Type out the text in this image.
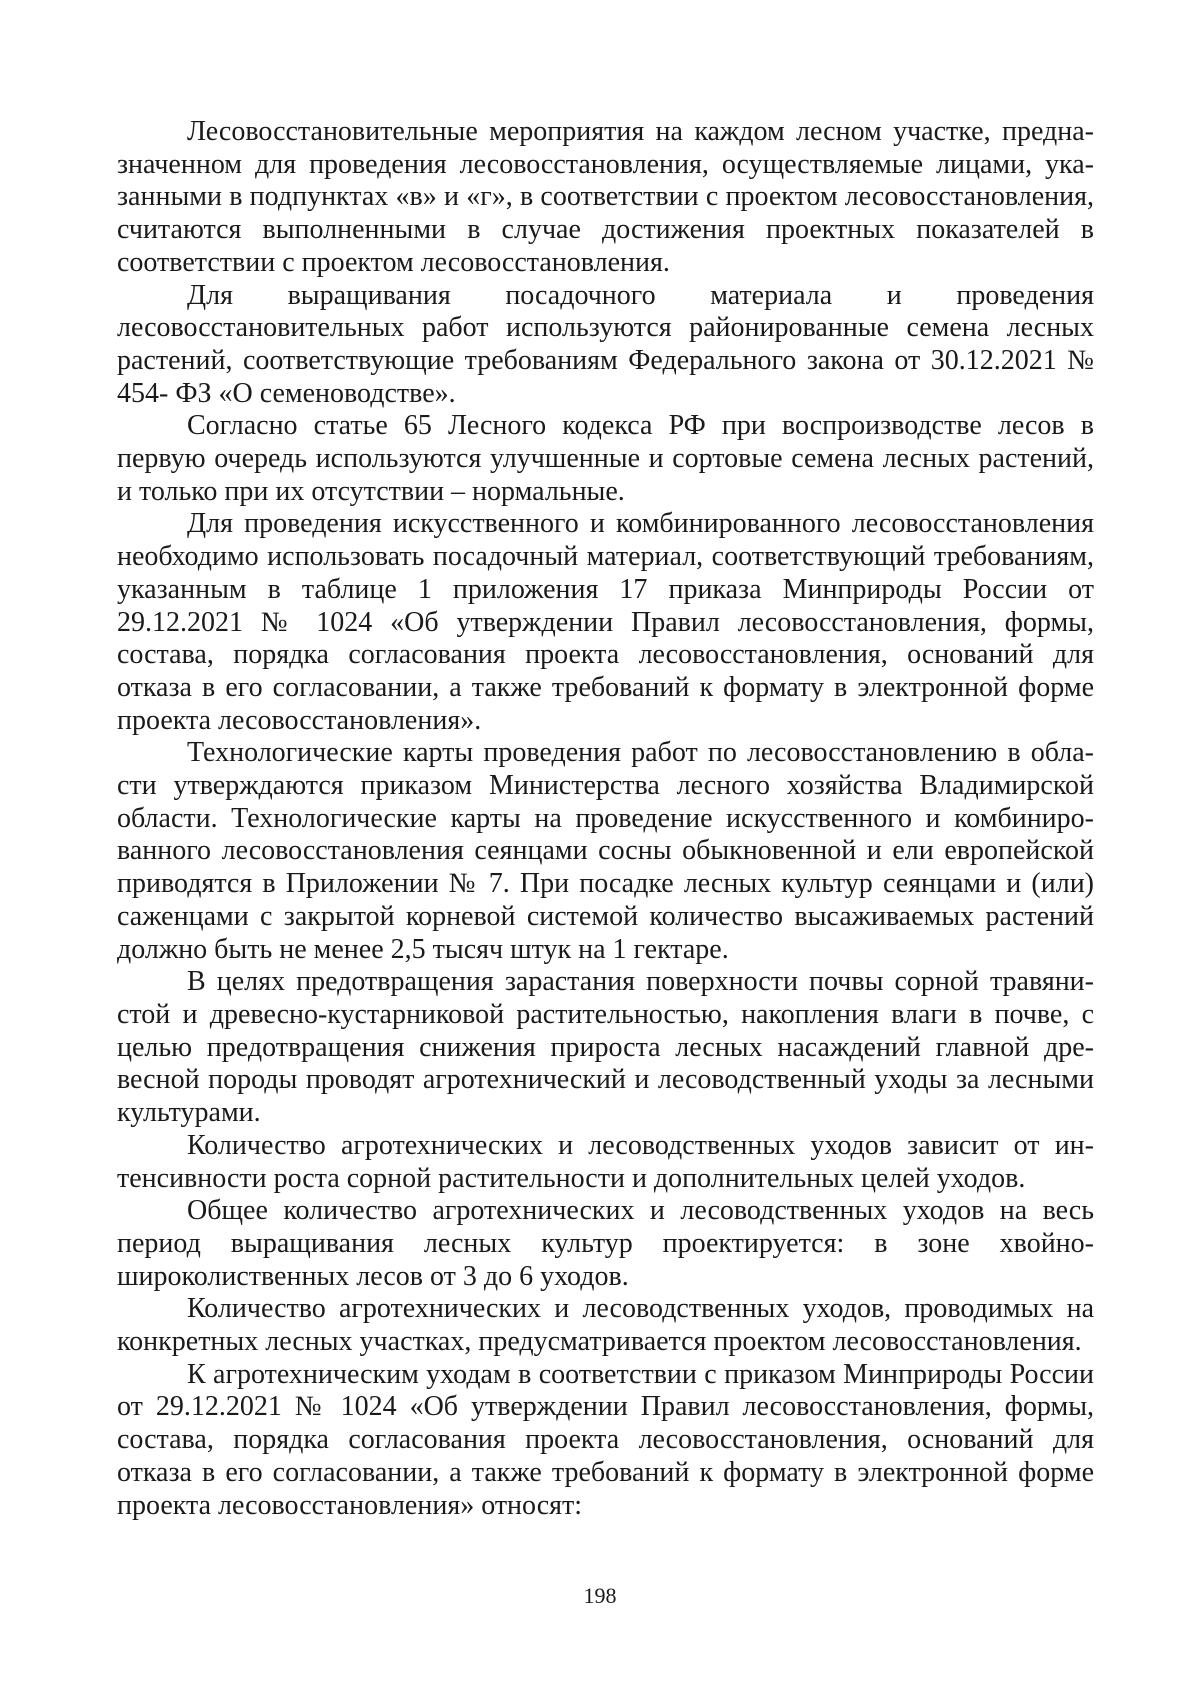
Лесовосстановительные мероприятия на каждом лесном участке, предназначенном для проведения лесовосстановления, осуществляемые лицами, указанными в подпунктах «в» и «г», в соответствии с проектом лесовосстановления, считаются выполненными в случае достижения проектных показателей в соответствии с проектом лесовосстановления.

Для выращивания посадочного материала и проведения лесовосстановительных работ используются районированные семена лесных растений, соответствующие требованиям Федерального закона от 30.12.2021 № 454- ФЗ «О семеноводстве».

Согласно статье 65 Лесного кодекса РФ при воспроизводстве лесов в первую очередь используются улучшенные и сортовые семена лесных растений, и только при их отсутствии – нормальные.

Для проведения искусственного и комбинированного лесовосстановления необходимо использовать посадочный материал, соответствующий требованиям, указанным в таблице 1 приложения 17 приказа Минприроды России от 29.12.2021 № 1024 «Об утверждении Правил лесовосстановления, формы, состава, порядка согласования проекта лесовосстановления, оснований для отказа в его согласовании, а также требований к формату в электронной форме проекта лесовосстановления».

Технологические карты проведения работ по лесовосстановлению в области утверждаются приказом Министерства лесного хозяйства Владимирской области. Технологические карты на проведение искусственного и комбинированного лесовосстановления сеянцами сосны обыкновенной и ели европейской приводятся в Приложении № 7. При посадке лесных культур сеянцами и (или) саженцами с закрытой корневой системой количество высаживаемых растений должно быть не менее 2,5 тысяч штук на 1 гектаре.

В целях предотвращения зарастания поверхности почвы сорной травянистой и древесно-кустарниковой растительностью, накопления влаги в почве, с целью предотвращения снижения прироста лесных насаждений главной древесной породы проводят агротехнический и лесоводственный уходы за лесными культурами.

Количество агротехнических и лесоводственных уходов зависит от интенсивности роста сорной растительности и дополнительных целей уходов.

Общее количество агротехнических и лесоводственных уходов на весь период выращивания лесных культур проектируется: в зоне хвойно-широколиственных лесов от 3 до 6 уходов.

Количество агротехнических и лесоводственных уходов, проводимых на конкретных лесных участках, предусматривается проектом лесовосстановления.

К агротехническим уходам в соответствии с приказом Минприроды России от 29.12.2021 № 1024 «Об утверждении Правил лесовосстановления, формы, состава, порядка согласования проекта лесовосстановления, оснований для отказа в его согласовании, а также требований к формату в электронной форме проекта лесовосстановления» относят:

198
